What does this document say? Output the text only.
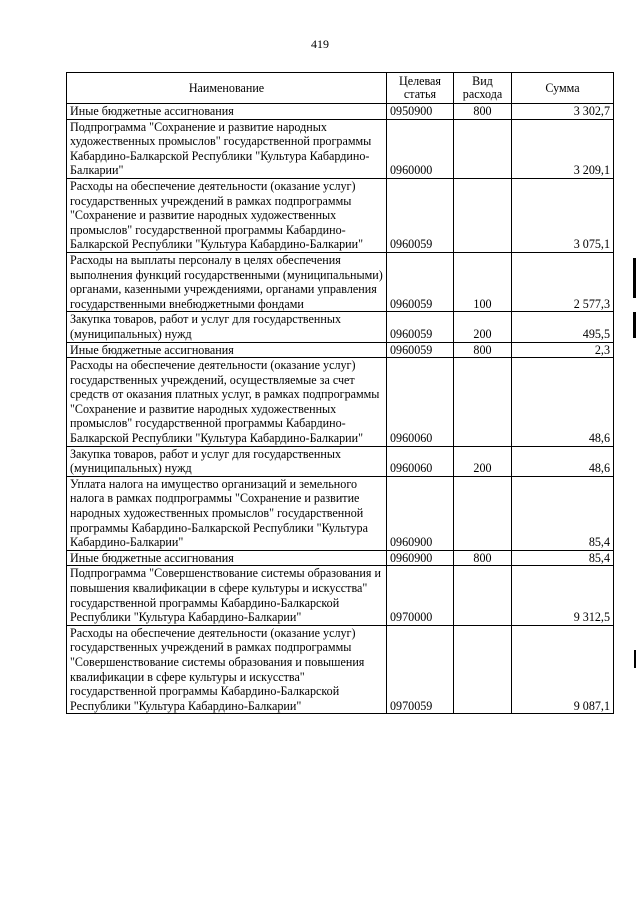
419
Наименование	Целевая статья	Вид расхода	Сумма
Иные бюджетные ассигнования	0950900	800	3 302,7
Подпрограмма "Сохранение и развитие народных художественных промыслов" государственной программы Кабардино-Балкарской Республики "Культура Кабардино-Балкарии"	0960000		3 209,1
Расходы на обеспечение деятельности (оказание услуг) государственных учреждений в рамках подпрограммы "Сохранение и развитие народных художественных промыслов" государственной программы Кабардино-Балкарской Республики "Культура Кабардино-Балкарии"	0960059		3 075,1
Расходы на выплаты персоналу в целях обеспечения выполнения функций государственными (муниципальными) органами, казенными учреждениями, органами управления государственными внебюджетными фондами	0960059	100	2 577,3
Закупка товаров, работ и услуг для государственных (муниципальных) нужд	0960059	200	495,5
Иные бюджетные ассигнования	0960059	800	2,3
Расходы на обеспечение деятельности (оказание услуг) государственных учреждений, осуществляемые за счет средств от оказания платных услуг, в рамках подпрограммы "Сохранение и развитие народных художественных промыслов" государственной программы Кабардино-Балкарской Республики "Культура Кабардино-Балкарии"	0960060		48,6
Закупка товаров, работ и услуг для государственных (муниципальных) нужд	0960060	200	48,6
Уплата налога на имущество организаций и земельного налога в рамках подпрограммы "Сохранение и развитие народных художественных промыслов" государственной программы Кабардино-Балкарской Республики "Культура Кабардино-Балкарии"	0960900		85,4
Иные бюджетные ассигнования	0960900	800	85,4
Подпрограмма "Совершенствование системы образования и повышения квалификации в сфере культуры и искусства" государственной программы Кабардино-Балкарской Республики "Культура Кабардино-Балкарии"	0970000		9 312,5
Расходы на обеспечение деятельности (оказание услуг) государственных учреждений в рамках подпрограммы "Совершенствование системы образования и повышения квалификации в сфере культуры и искусства" государственной программы Кабардино-Балкарской Республики "Культура Кабардино-Балкарии"	0970059		9 087,1
